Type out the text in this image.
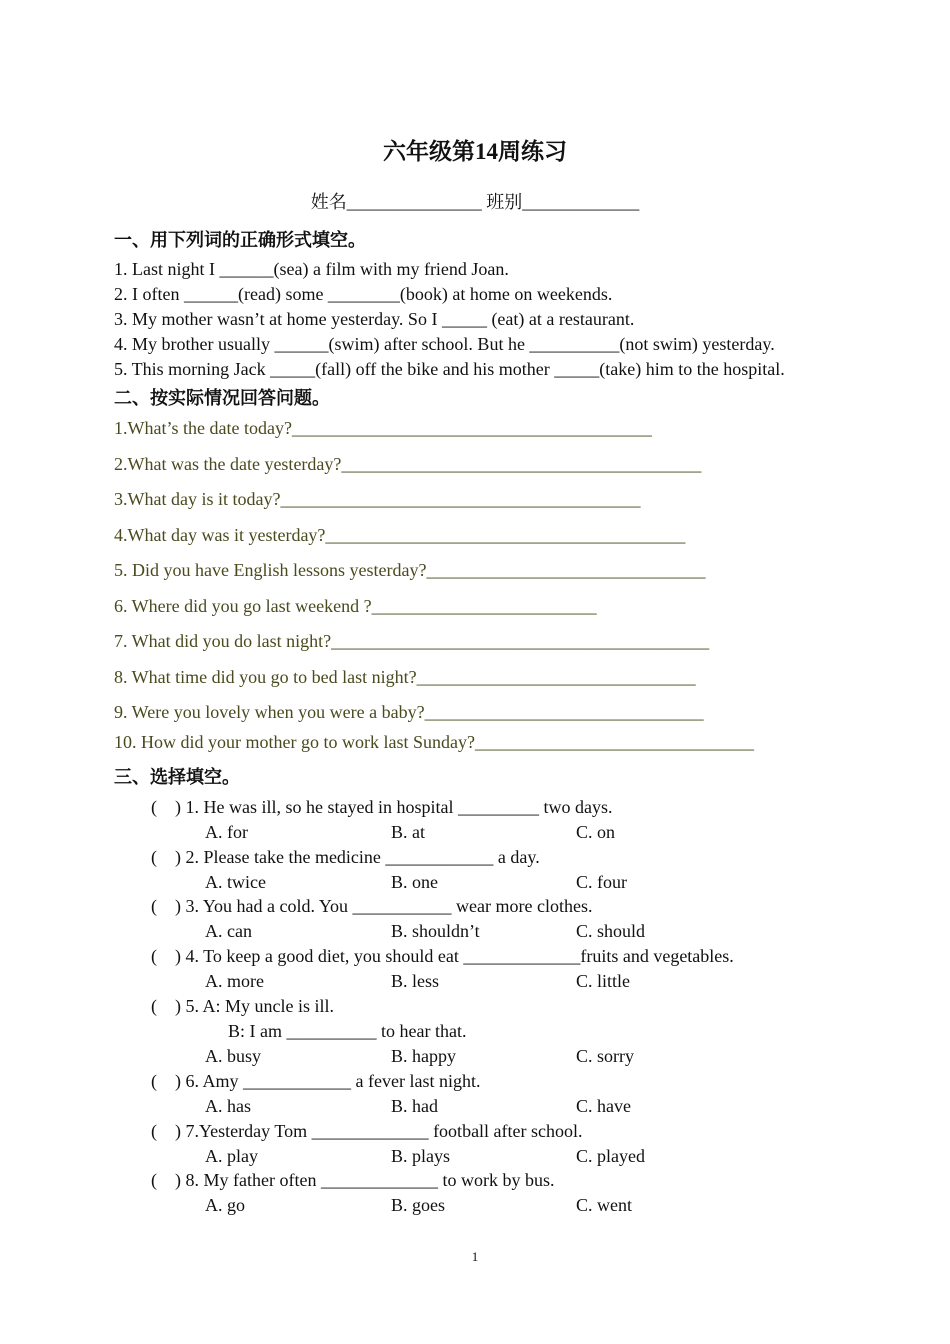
六年级第14周练习
姓名_______________ 班别_____________
一、用下列词的正确形式填空。
1. Last night I ______(sea) a film with my friend Joan.
2. I often ______(read) some ________(book) at home on weekends.
3. My mother wasn’t at home yesterday. So I _____ (eat) at a restaurant.
4. My brother usually ______(swim) after school. But he __________(not swim) yesterday.
5. This morning Jack _____(fall) off the bike and his mother _____(take) him to the hospital.
二、按实际情况回答问题。
1.What’s the date today?________________________________________
2.What was the date yesterday?________________________________________
3.What day is it today?________________________________________
4.What day was it yesterday?________________________________________
5. Did you have English lessons yesterday?_______________________________
6. Where did you go last weekend ?_________________________
7. What did you do last night?__________________________________________
8. What time did you go to bed last night?_______________________________
9. Were you lovely when you were a baby?_______________________________
10. How did your mother go to work last Sunday?_______________________________
三、选择填空。
(    ) 1. He was ill, so he stayed in hospital _________ two days.
A. for	B. at	C. on
(    ) 2. Please take the medicine ____________ a day.
A. twice	B. one	C. four
(    ) 3. You had a cold. You ___________ wear more clothes.
A. can	B. shouldn’t	C. should
(    ) 4. To keep a good diet, you should eat _____________fruits and vegetables.
A. more	B. less	C. little
(    ) 5. A: My uncle is ill.
B: I am __________ to hear that.
A. busy	B. happy	C. sorry
(    ) 6. Amy ____________ a fever last night.
A. has	B. had	C. have
(    ) 7.Yesterday Tom _____________ football after school.
A. play	B. plays	C. played
(    ) 8. My father often _____________ to work by bus.
A. go	B. goes	C. went
1
